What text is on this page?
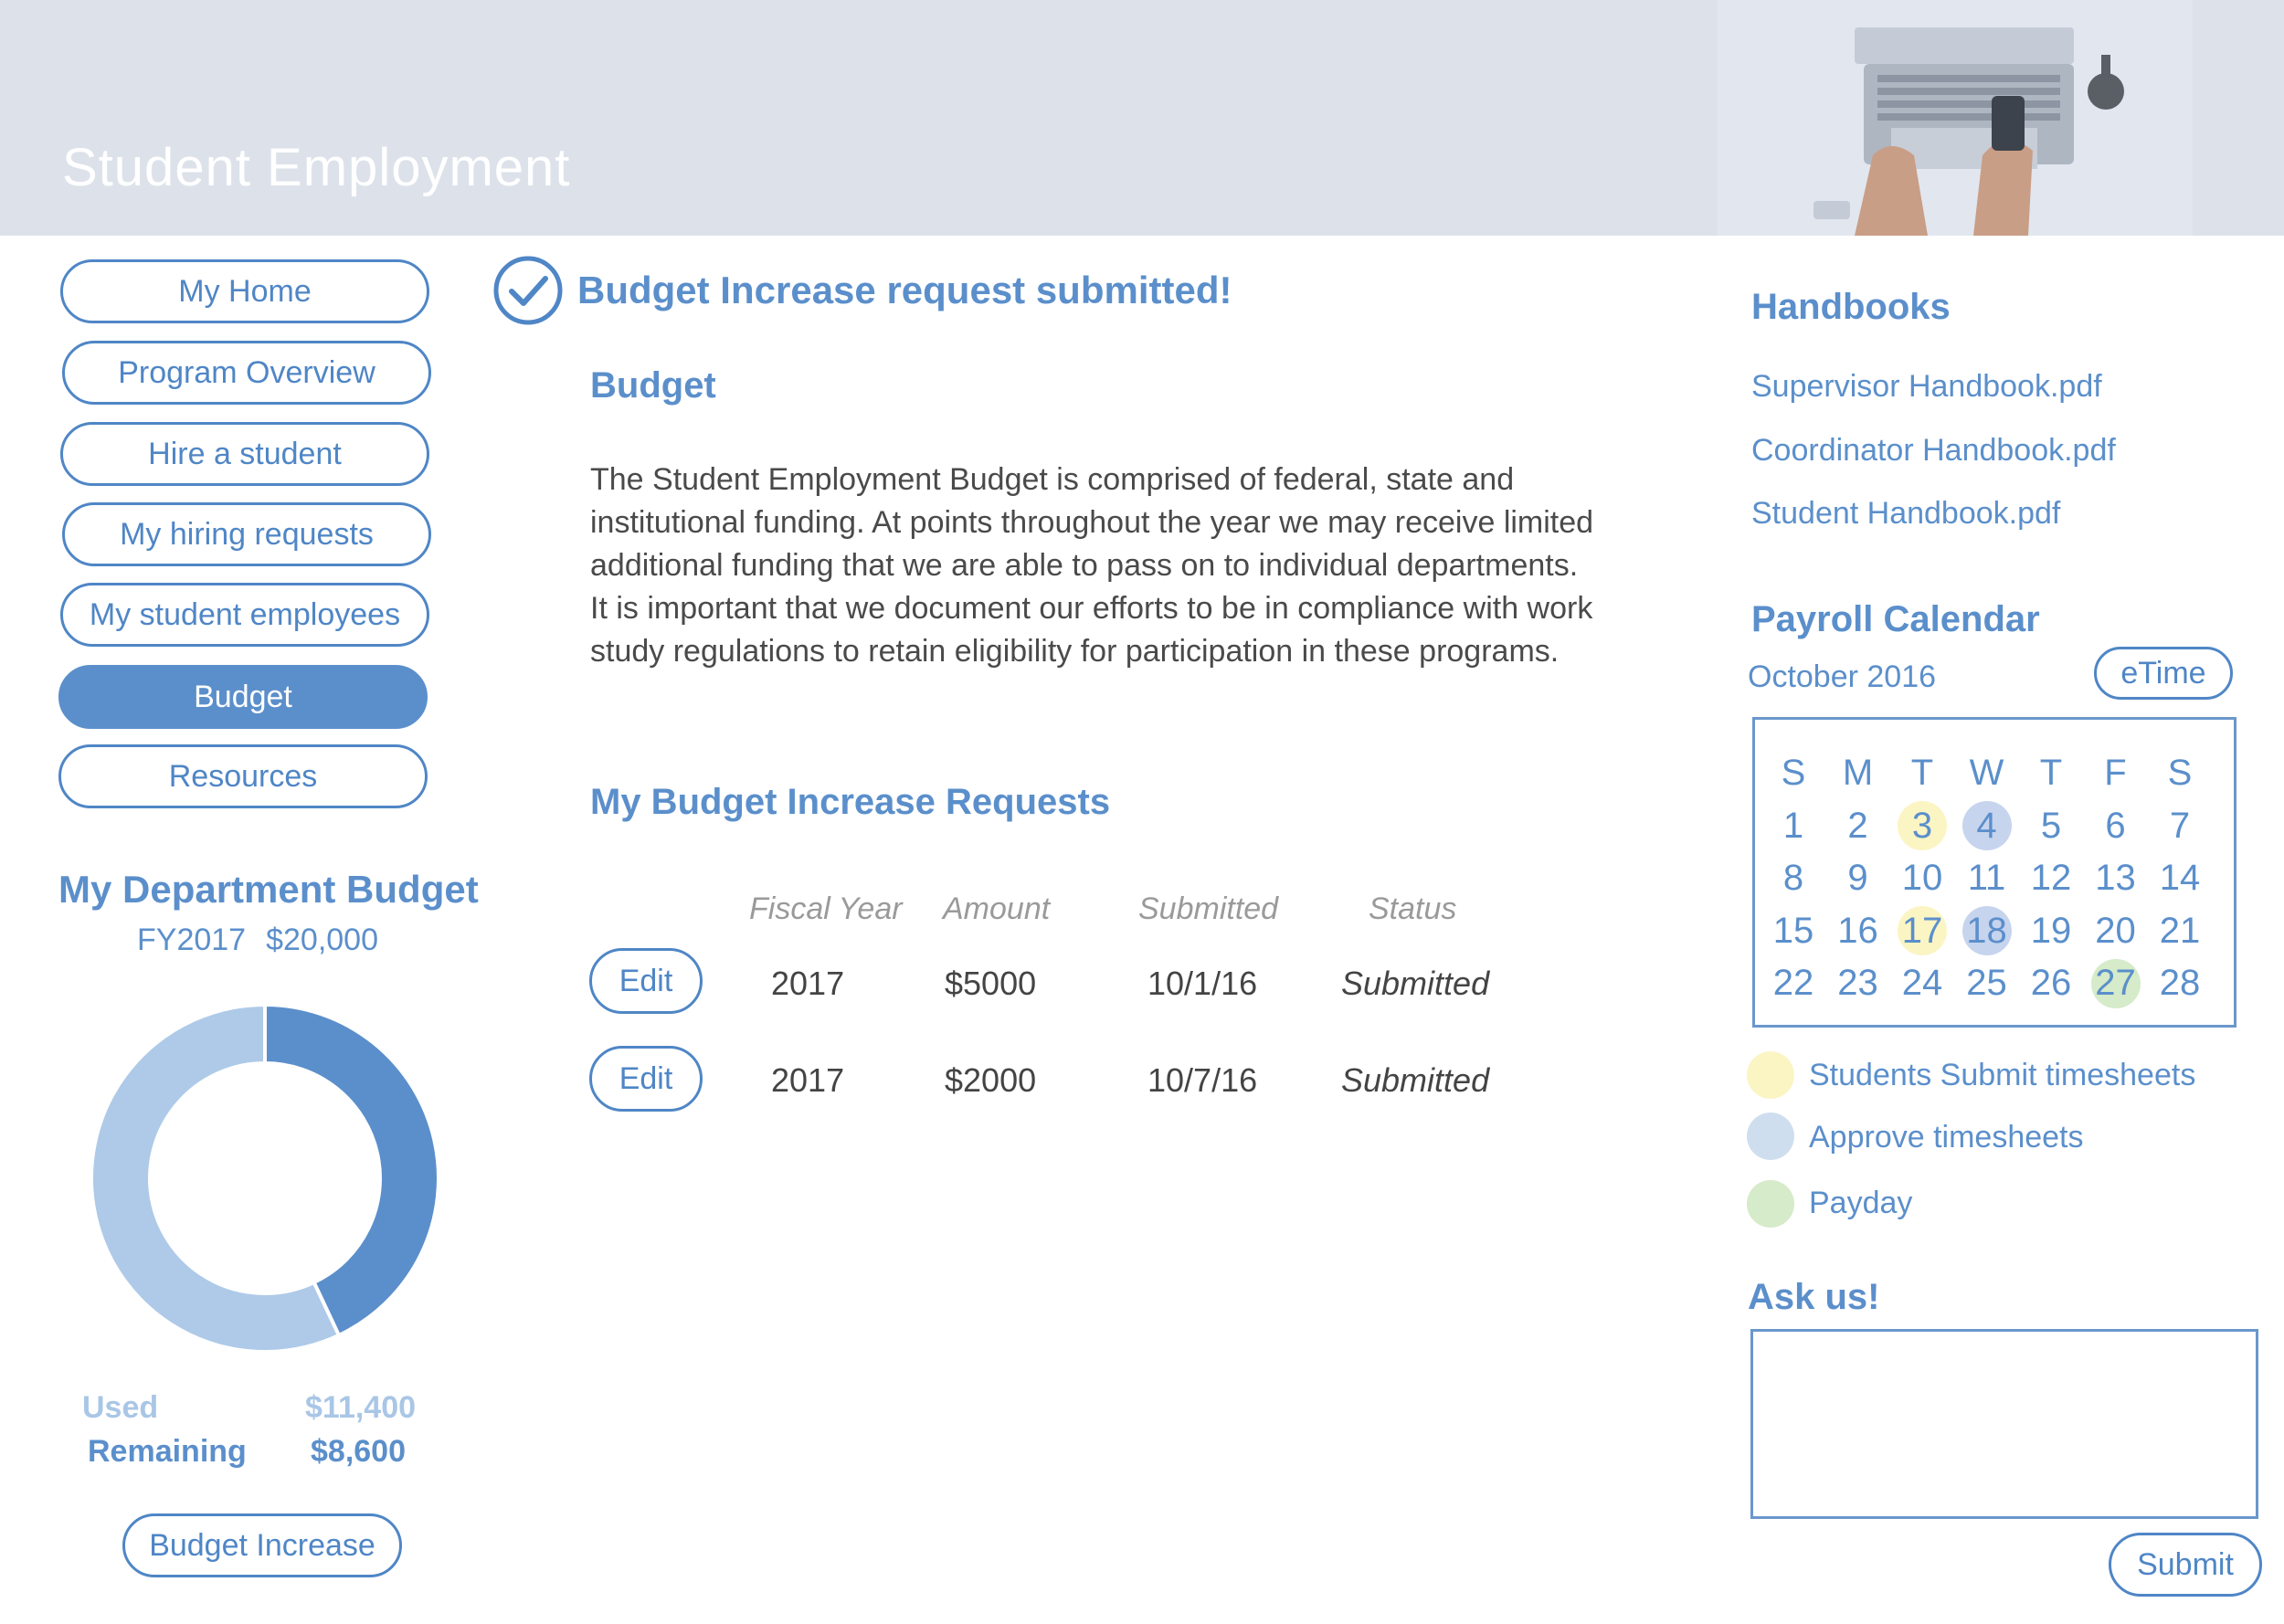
Student Employment
My Home
Program Overview
Hire a student
My hiring requests
My student employees
Budget
Resources
My Department Budget
FY2017 $20,000
Used	$11,400
Remaining $8,600
Budget Increase
Budget Increase request submitted!
Budget
The Student Employment Budget is comprised of federal, state and institutional funding. At points throughout the year we may receive limited additional funding that we are able to pass on to individual departments. It is important that we document our efforts to be in compliance with work study regulations to retain eligibility for participation in these programs.
My Budget Increase Requests
Fiscal Year Amount	Submitted	Status
Edit	2017	$5000	10/1/16	Submitted
Edit	2017	$2000	10/7/16	Submitted
Handbooks
Supervisor Handbook.pdf
Coordinator Handbook.pdf
Student Handbook.pdf
Payroll Calendar
October 2016	eTime
S	M	T W T	F	S
1 2 3 4 5 6 7
8 9 10 11 12 13 14
15 16 17 18 19 20 21
22 23 24 25 26 27 28
Students Submit timesheets
Approve timesheets
Payday
Ask us!
Submit
